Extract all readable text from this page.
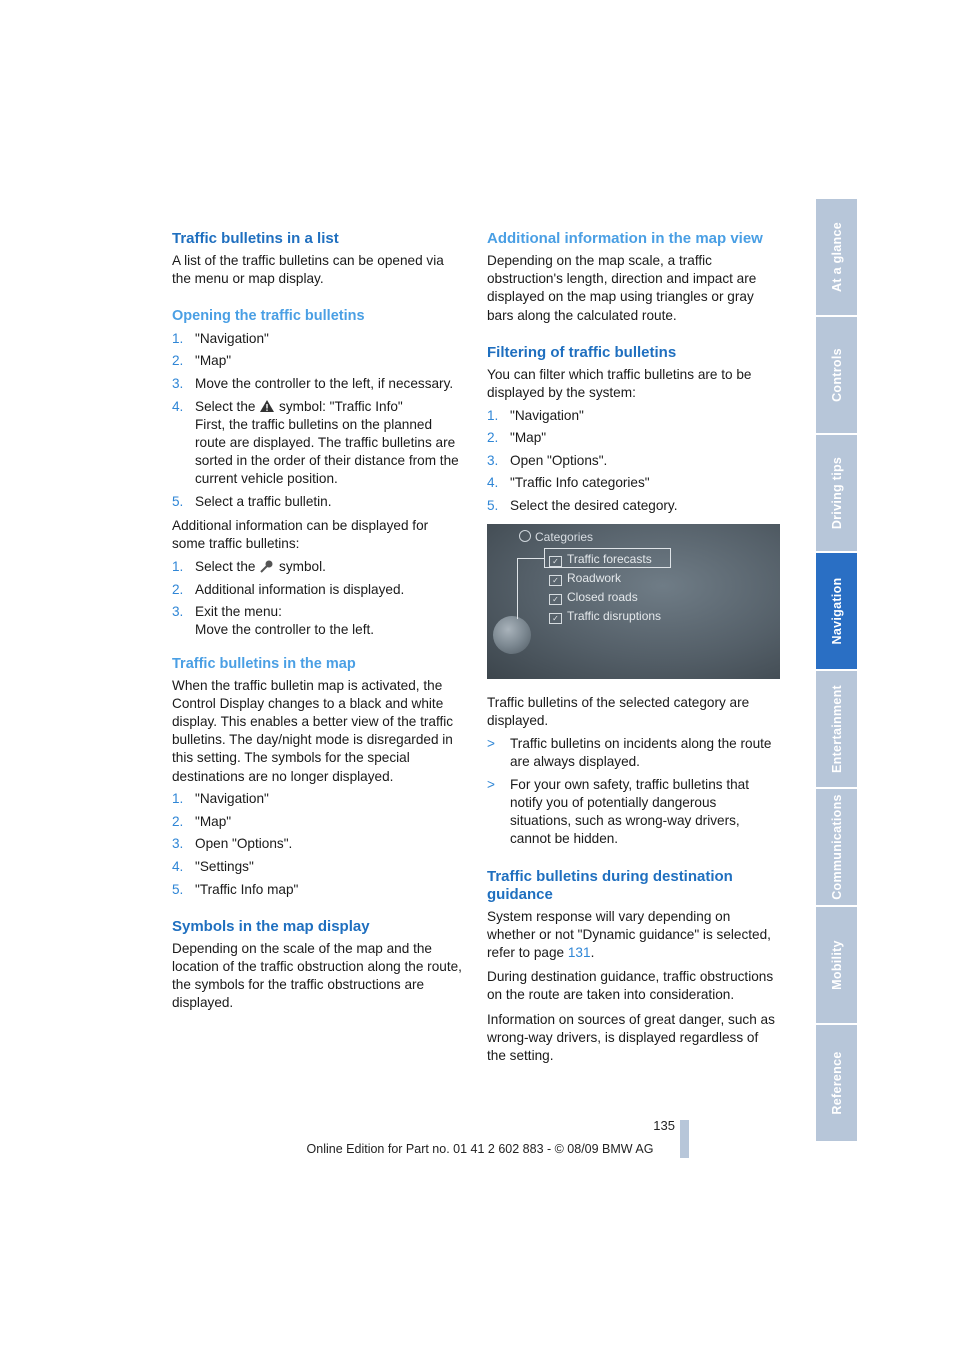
Traffic bulletins in a list

A list of the traffic bulletins can be opened via the menu or map display.

Opening the traffic bulletins
1. "Navigation"
2. "Map"
3. Move the controller to the left, if necessary.
4. Select the symbol: "Traffic Info"
First, the traffic bulletins on the planned route are displayed. The traffic bulletins are sorted in the order of their distance from the current vehicle position.
5. Select a traffic bulletin.

Additional information can be displayed for some traffic bulletins:

1. Select the symbol.
2. Additional information is displayed.
3. Exit the menu:
Move the controller to the left.
Traffic bulletins in the map

When the traffic bulletin map is activated, the Control Display changes to a black and white display. This enables a better view of the traffic bulletins. The day/night mode is disregarded in this setting. The symbols for the special destinations are no longer displayed.

1. "Navigation"
2. "Map"
3. Open "Options".
4. "Settings"
5. "Traffic Info map"
Symbols in the map display

Depending on the scale of the map and the location of the traffic obstruction along the route, the symbols for the traffic obstructions are displayed.

Additional information in the map view

Depending on the map scale, a traffic obstruction's length, direction and impact are displayed on the map using triangles or gray bars along the calculated route.

Filtering of traffic bulletins

You can filter which traffic bulletins are to be displayed by the system:

1. "Navigation"
2. "Map"
3. Open "Options".
4. "Traffic Info categories"
5. Select the desired category.
Categories
✓ Traffic forecasts
✓ Roadwork
✓ Closed roads
✓ Traffic disruptions

Traffic bulletins of the selected category are displayed.

> Traffic bulletins on incidents along the route are always displayed.
> For your own safety, traffic bulletins that notify you of potentially dangerous situations, such as wrong-way drivers, cannot be hidden.
Traffic bulletins during destination guidance

System response will vary depending on whether or not "Dynamic guidance" is selected, refer to page 131.

During destination guidance, traffic obstructions on the route are taken into consideration.

Information on sources of great danger, such as wrong-way drivers, is displayed regardless of the setting.

At a glance
Controls
Driving tips
Navigation
Entertainment
Communications
Mobility
Reference
135
Online Edition for Part no. 01 41 2 602 883 - © 08/09 BMW AG
